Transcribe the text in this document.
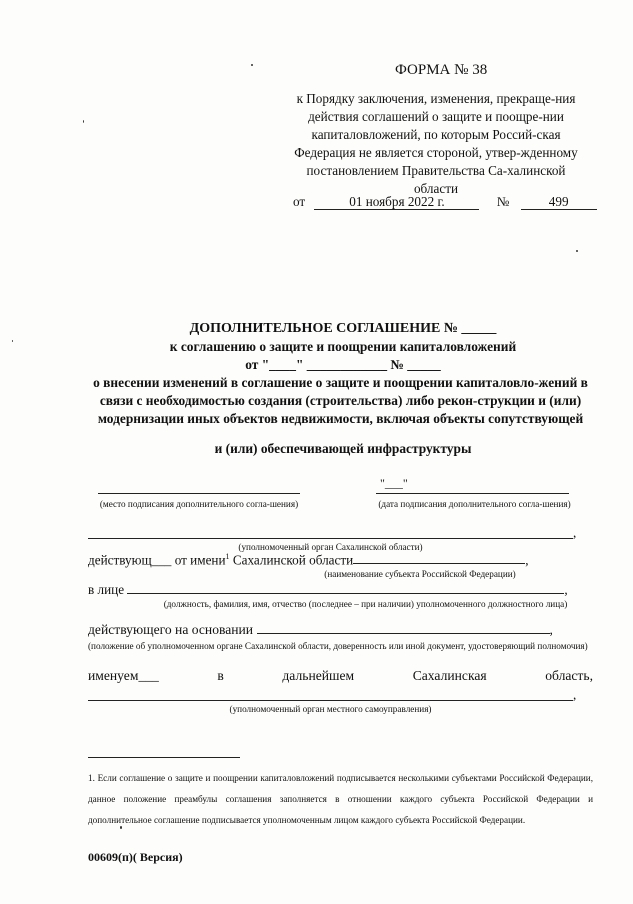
ФОРМА № 38
к Порядку заключения, изменения, прекраще-ния действия соглашений о защите и поощре-нии капиталовложений, по которым Россий-ская Федерация не является стороной, утвер-жденному постановлением Правительства Са-халинской области
от	01 ноября 2022 г.	№	499
ДОПОЛНИТЕЛЬНОЕ СОГЛАШЕНИЕ № _____
к соглашению о защите и поощрении капиталовложений
от "____" ____________ № _____
о внесении изменений в соглашение о защите и поощрении капиталовло-жений в связи с необходимостью создания (строительства) либо рекон-струкции и (или) модернизации иных объектов недвижимости, включая объекты сопутствующей
и (или) обеспечивающей инфраструктуры
"___"
(место подписания дополнительного согла-шения)	(дата подписания дополнительного согла-шения)
,
(уполномоченный орган Сахалинской области)
действующ___ от имени$^1$ Сахалинской области	,
(наименование субъекта Российской Федерации)
в лице	,
(должность, фамилия, имя, отчество (последнее – при наличии) уполномоченного должностного лица)
действующего на основании	,
(положение об уполномоченном органе Сахалинской области, доверенность или иной документ, удостоверяющий полномочия)
именуем___	в	дальнейшем	Сахалинская	область,
,
(уполномоченный орган местного самоуправления)
1. Если соглашение о защите и поощрении капиталовложений подписывается несколькими субъектами Российской Федерации, данное положение преамбулы соглашения заполняется в отношении каждого субъекта Российской Федерации и дополнительное соглашение подписывается уполномоченным лицом каждого субъекта Российской Федерации.
00609(п)( Версия)
